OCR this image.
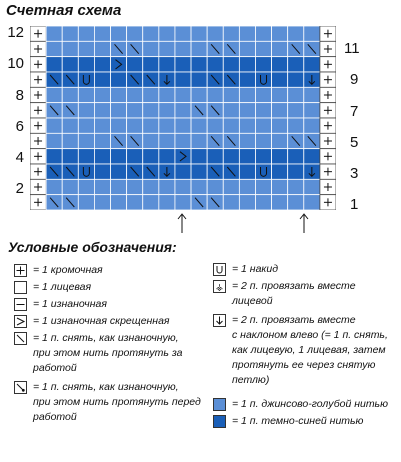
Счетная схема
12
10
8
6
4
2
11
9
7
5
3
1
Условные обозначения:
= 1 кромочная
= 1 лицевая
= 1 изнаночная
= 1 изнаночная скрещенная
= 1 п. снять, как изнаночную,
при этом нить протянуть за
работой
= 1 п. снять, как изнаночную,
при этом нить протянуть перед
работой
⚶
= 1 накид
= 2 п. провязать вместе
лицевой
= 2 п. провязать вместе
с наклоном влево (= 1 п. снять,
как лицевую, 1 лицевая, затем
протянуть ее через снятую
петлю)
= 1 п. джинсово-голубой нитью
= 1 п. темно-синей нитью
